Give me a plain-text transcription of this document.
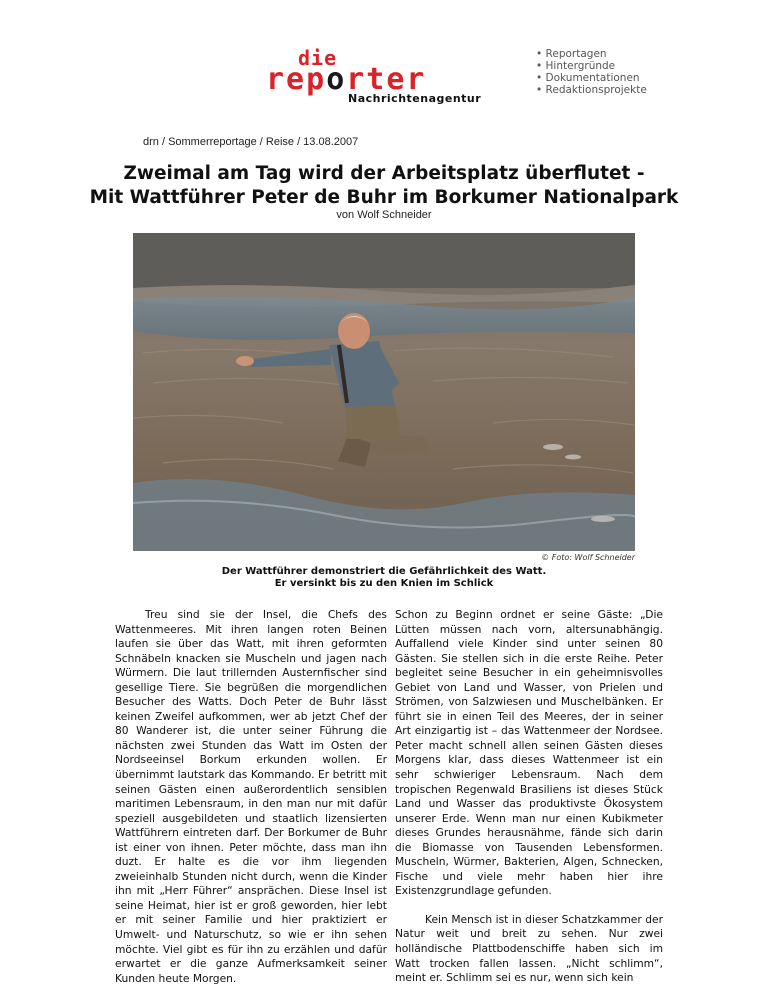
die
reporter
Nachrichtenagentur
• Reportagen
• Hintergründe
• Dokumentationen
• Redaktionsprojekte
drn / Sommerreportage / Reise / 13.08.2007
Zweimal am Tag wird der Arbeitsplatz überflutet -
Mit Wattführer Peter de Buhr im Borkumer Nationalpark
von Wolf Schneider
© Foto: Wolf Schneider
Der Wattführer demonstriert die Gefährlichkeit des Watt.
Er versinkt bis zu den Knien im Schlick

Treu sind sie der Insel, die Chefs des Wattenmeeres. Mit ihren langen roten Beinen laufen sie über das Watt, mit ihren geformten Schnäbeln knacken sie Muscheln und jagen nach Würmern. Die laut trillernden Austernfischer sind gesellige Tiere. Sie begrüßen die morgendlichen Besucher des Watts. Doch Peter de Buhr lässt keinen Zweifel aufkommen, wer ab jetzt Chef der 80 Wanderer ist, die unter seiner Führung die nächsten zwei Stunden das Watt im Osten der Nordseeinsel Borkum erkunden wollen. Er übernimmt lautstark das Kommando. Er betritt mit seinen Gästen einen außerordentlich sensiblen maritimen Lebensraum, in den man nur mit dafür speziell ausgebildeten und staatlich lizensierten Wattführern eintreten darf. Der Borkumer de Buhr ist einer von ihnen. Peter möchte, dass man ihn duzt. Er halte es die vor ihm liegenden zweieinhalb Stunden nicht durch, wenn die Kinder ihn mit „Herr Führer“ ansprächen. Diese Insel ist seine Heimat, hier ist er groß geworden, hier lebt er mit seiner Familie und hier praktiziert er Umwelt- und Naturschutz, so wie er ihn sehen möchte. Viel gibt es für ihn zu erzählen und dafür erwartet er die ganze Aufmerksamkeit seiner Kunden heute Morgen.

Schon zu Beginn ordnet er seine Gäste: „Die Lütten müssen nach vorn, altersunabhängig. Auffallend viele Kinder sind unter seinen 80 Gästen. Sie stellen sich in die erste Reihe. Peter begleitet seine Besucher in ein geheimnisvolles Gebiet von Land und Wasser, von Prielen und Strömen, von Salzwiesen und Muschelbänken. Er führt sie in einen Teil des Meeres, der in seiner Art einzigartig ist – das Wattenmeer der Nordsee. Peter macht schnell allen seinen Gästen dieses Morgens klar, dass dieses Wattenmeer ist ein sehr schwieriger Lebensraum. Nach dem tropischen Regenwald Brasiliens ist dieses Stück Land und Wasser das produktivste Ökosystem unserer Erde. Wenn man nur einen Kubikmeter dieses Grundes herausnähme, fände sich darin die Biomasse von Tausenden Lebensformen. Muscheln, Würmer, Bakterien, Algen, Schnecken, Fische und viele mehr haben hier ihre Existenzgrundlage gefunden.

Kein Mensch ist in dieser Schatzkammer der Natur weit und breit zu sehen. Nur zwei holländische Plattbodenschiffe haben sich im Watt trocken fallen lassen. „Nicht schlimm“, meint er. Schlimm sei es nur, wenn sich kein
